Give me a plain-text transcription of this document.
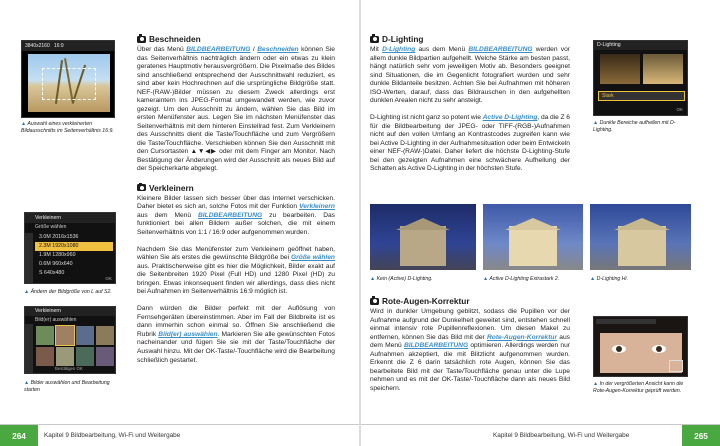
3840x2160 16:9
▲ Auswahl eines verkleinerten Bildausschnitts im Seitenverhältnis 16:9.
Verkleinern
Größe wählen
3.0M 2016x1536
2.3M 1920x1080
1.9M 1280x960
0.6M 960x640
S 640x480
OK
▲ Ändern der Bildgröße von L auf S2.
Verkleinern
Bild(er) auswählen
Bestätigen OK
▲ Bilder auswählen und Bearbeitung starten
Beschneiden

Über das Menü BILDBEARBEITUNG / Beschneiden können Sie das Seitenverhältnis nachträglich ändern oder ein etwas zu klein geratenes Hauptmotiv herausvergrößern. Die Pixelmaße des Bildes sind anschließend entsprechend der Ausschnittwahl reduziert, es sind aber kein Hochrechnen auf die ursprüngliche Bildgröße statt. NEF-(RAW-)Bilder müssen zu diesem Zweck allerdings erst kameraintern ins JPEG-Format umgewandelt werden, wie zuvor gezeigt. Um den Ausschnitt zu ändern, wählen Sie das Bild im ersten Menüfenster aus. Legen Sie im nächsten Menüfenster das Seitenverhältnis mit dem hinteren Einstellrad fest. Zum Verkleinern des Ausschnitts dient die Taste/Touchfläche und zum Vergrößern die Taste/Touchfläche. Verschieben können Sie den Ausschnitt mit den Cursortasten ▲▼◀▶ oder mit dem Finger am Monitor. Nach Bestätigung der Änderungen wird der Ausschnitt als neues Bild auf der Speicherkarte abgelegt.

Verkleinern

Kleinere Bilder lassen sich besser über das Internet verschicken. Daher bietet es sich an, solche Fotos mit der Funktion Verkleinern aus dem Menü BILDBEARBEITUNG zu bearbeiten. Das funktioniert bei allen Bildern außer solchen, die mit einem Seitenverhältnis von 1:1 / 16:9 oder aufgenommen wurden.

Nachdem Sie das Menüfenster zum Verkleinern geöffnet haben, wählen Sie als erstes die gewünschte Bildgröße bei Größe wählen aus. Praktischerweise gibt es hier die Möglichkeit, Bilder exakt auf die Seitenbreiten 1920 Pixel (Full HD) und 1280 Pixel (HD) zu bringen. Etwas inkonsequent finden wir allerdings, dass dies nicht bei Aufnahmen im Seitenverhältnis 16:9 möglich ist.

Dann würden die Bilder perfekt mit der Auflösung von Fernsehgeräten übereinstimmen. Aber im Fall der Bildbreite ist es dann immerhin schon einmal so. Öffnen Sie anschließend die Rubrik Bild(er) auswählen. Markieren Sie alle gewünschten Fotos nacheinander und fügen Sie sie mit der Taste/Touchfläche der Auswahl hinzu. Mit der OK-Taste/-Touchfläche wird die Bearbeitung schließlich gestartet.

264	Kapitel 9 Bildbearbeitung, Wi-Fi und Weitergabe
D-Lighting

Mit D-Lighting aus dem Menü BILDBEARBEITUNG werden vor allem dunkle Bildpartien aufgehellt. Welche Stärke am besten passt, hängt natürlich sehr vom jeweiligen Motiv ab. Besonders geeignet sind Situationen, die im Gegenlicht fotografiert wurden und sehr dunkle Bildanteile besitzen. Achten Sie bei Aufnahmen mit höheren ISO-Werten, darauf, dass das Bildrauschen in den aufgehellten dunklen Arealen nicht zu sehr ansteigt.

D-Lighting ist nicht ganz so potent wie Active D-Lighting, da die Z 6 für die Bildbearbeitung der JPEG- oder TIFF-(RGB-)Aufnahmen nicht auf den vollen Umfang an Kontrastcodes zugreifen kann wie bei Active D-Lighting in der Aufnahmesituation oder beim Entwickeln einer NEF-(RAW-)Datei. Daher liefert die höchste D-Lighting-Stufe bei den gezeigten Aufnahmen eine schwächere Aufhellung der Schatten als Active D-Lighting in der höchsten Stufe.

D-Lighting
Stark
OK
▲ Dunkle Bereiche aufhellen mit D-Lighting.
▲ Kein (Active) D-Lighting.	▲ Active D-Lighting Extrastark 2.	▲ D-Lighting Hi.
Rote-Augen-Korrektur

Wird in dunkler Umgebung geblitzt, sodass die Pupillen vor der Aufnahme aufgrund der Dunkelheit geweitet sind, entstehen schnell einmal intensiv rote Pupillenreflexionen. Um diesen Makel zu entfernen, können Sie das Bild mit der Rote-Augen-Korrektur aus dem Menü BILDBEARBEITUNG optimieren. Allerdings werden nur Aufnahmen akzeptiert, die mit Blitzlicht aufgenommen wurden. Erkennt die Z 6 darin tatsächlich rote Augen, können Sie das bearbeitete Bild mit der Taste/Touchfläche genau unter die Lupe nehmen und es mit der OK-Taste/-Touchfläche dann als neues Bild speichern.

▲ In der vergrößerten Ansicht kann die Rote-Augen-Korrektur geprüft werden.
Kapitel 9 Bildbearbeitung, Wi-Fi und Weitergabe	265
